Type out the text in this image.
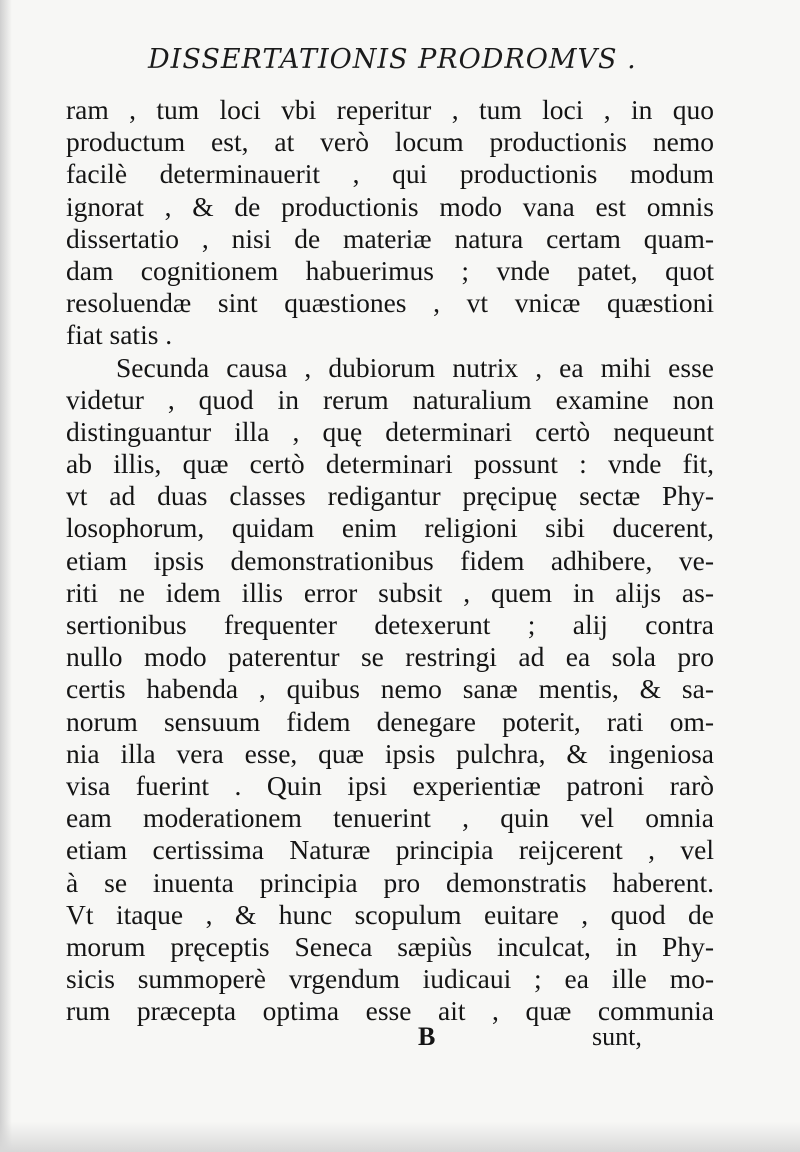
DISSERTATIONIS PRODROMVS .
ram , tum loci vbi reperitur , tum loci , in quo
productum est, at verò locum productionis nemo
facilè determinauerit , qui productionis modum
ignorat , & de productionis modo vana est omnis
dissertatio , nisi de materiæ natura certam quam-
dam cognitionem habuerimus ; vnde patet, quot
resoluendæ sint quæstiones , vt vnicæ quæstioni
fiat satis .
Secunda causa , dubiorum nutrix , ea mihi esse
videtur , quod in rerum naturalium examine non
distinguantur illa , quę determinari certò nequeunt
ab illis, quæ certò determinari possunt : vnde fit,
vt ad duas classes redigantur pręcipuę sectæ Phy-
losophorum, quidam enim religioni sibi ducerent,
etiam ipsis demonstrationibus fidem adhibere, ve-
riti ne idem illis error subsit , quem in alijs as-
sertionibus frequenter detexerunt ; alij contra
nullo modo paterentur se restringi ad ea sola pro
certis habenda , quibus nemo sanæ mentis, & sa-
norum sensuum fidem denegare poterit, rati om-
nia illa vera esse, quæ ipsis pulchra, & ingeniosa
visa fuerint . Quin ipsi experientiæ patroni rarò
eam moderationem tenuerint , quin vel omnia
etiam certissima Naturæ principia reijcerent , vel
à se inuenta principia pro demonstratis haberent.
Vt itaque , & hunc scopulum euitare , quod de
morum pręceptis Seneca sæpiùs inculcat, in Phy-
sicis summoperè vrgendum iudicaui ; ea ille mo-
rum præcepta optima esse ait , quæ communia
B	sunt,
